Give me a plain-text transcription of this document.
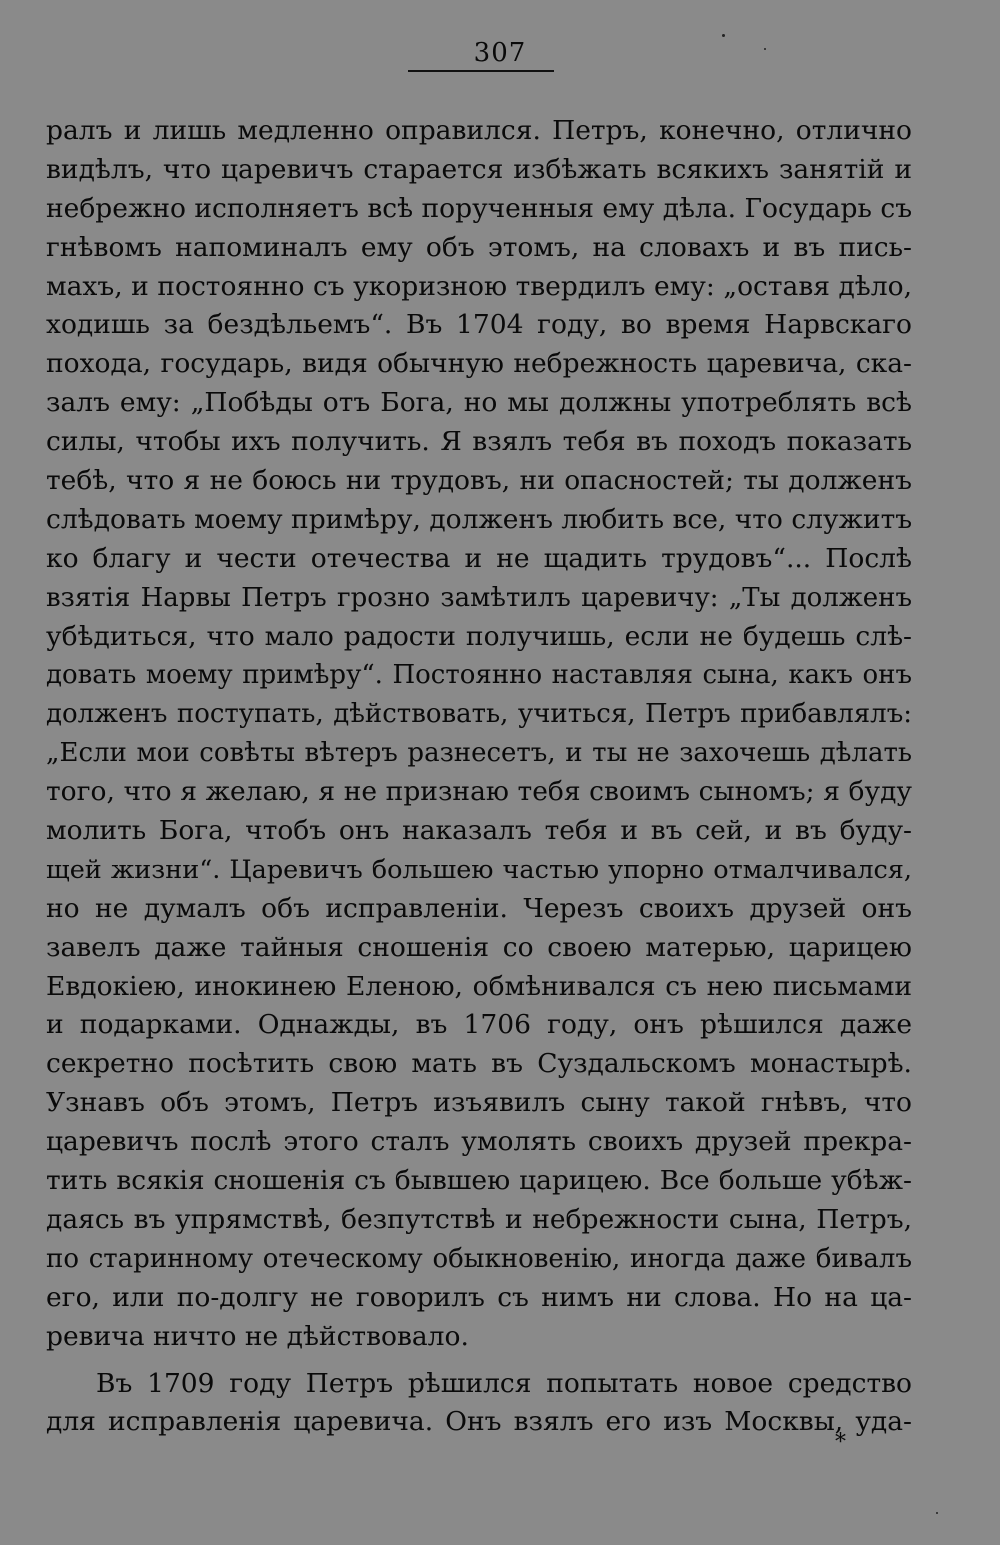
307
ралъ и лишь медленно оправился. Петръ, конечно, отлично
видѣлъ, что царевичъ старается избѣжать всякихъ занятій и
небрежно исполняетъ всѣ порученныя ему дѣла. Государь съ
гнѣвомъ напоминалъ ему объ этомъ, на словахъ и въ пись-
махъ, и постоянно съ укоризною твердилъ ему: „оставя дѣло,
ходишь за бездѣльемъ“. Въ 1704 году, во время Нарвскаго
похода, государь, видя обычную небрежность царевича, ска-
залъ ему: „Побѣды отъ Бога, но мы должны употреблять всѣ
силы, чтобы ихъ получить. Я взялъ тебя въ походъ показать
тебѣ, что я не боюсь ни трудовъ, ни опасностей; ты долженъ
слѣдовать моему примѣру, долженъ любить все, что служитъ
ко благу и чести отечества и не щадить трудовъ“... Послѣ
взятія Нарвы Петръ грозно замѣтилъ царевичу: „Ты долженъ
убѣдиться, что мало радости получишь, если не будешь слѣ-
довать моему примѣру“. Постоянно наставляя сына, какъ онъ
долженъ поступать, дѣйствовать, учиться, Петръ прибавлялъ:
„Если мои совѣты вѣтеръ разнесетъ, и ты не захочешь дѣлать
того, что я желаю, я не признаю тебя своимъ сыномъ; я буду
молить Бога, чтобъ онъ наказалъ тебя и въ сей, и въ буду-
щей жизни“. Царевичъ большею частью упорно отмалчивался,
но не думалъ объ исправленіи. Черезъ своихъ друзей онъ
завелъ даже тайныя сношенія со своею матерью, царицею
Евдокіею, инокинею Еленою, обмѣнивался съ нею письмами
и подарками. Однажды, въ 1706 году, онъ рѣшился даже
секретно посѣтить свою мать въ Суздальскомъ монастырѣ.
Узнавъ объ этомъ, Петръ изъявилъ сыну такой гнѣвъ, что
царевичъ послѣ этого сталъ умолять своихъ друзей прекра-
тить всякія сношенія съ бывшею царицею. Все больше убѣж-
даясь въ упрямствѣ, безпутствѣ и небрежности сына, Петръ,
по старинному отеческому обыкновенію, иногда даже бивалъ
его, или по-долгу не говорилъ съ нимъ ни слова. Но на ца-
ревича ничто не дѣйствовало.
Въ 1709 году Петръ рѣшился попытать новое средство
для исправленія царевича. Онъ взялъ его изъ Москвы, уда-
*
